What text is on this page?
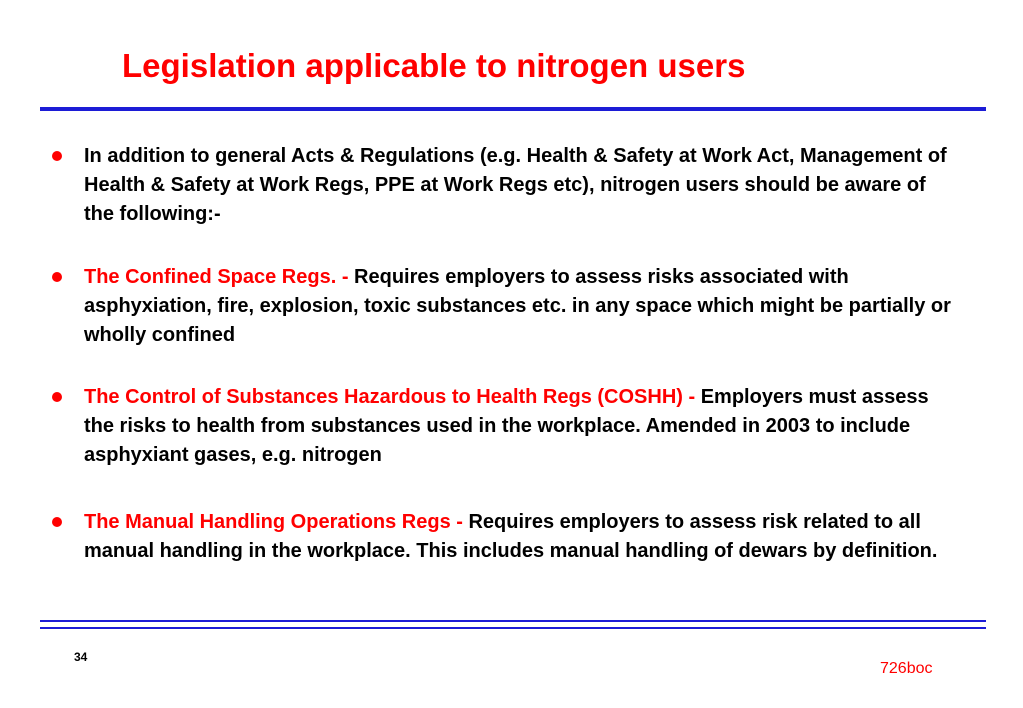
Legislation applicable to nitrogen users
In addition to general Acts & Regulations (e.g. Health & Safety at Work Act, Management of Health & Safety at Work Regs, PPE at Work Regs etc), nitrogen users should be aware of the following:-
The Confined Space Regs. - Requires employers to assess risks associated with asphyxiation, fire, explosion, toxic substances etc. in any space which might be partially or wholly confined
The Control of Substances Hazardous to Health Regs (COSHH) - Employers must assess the risks to health from substances used in the workplace. Amended in 2003 to include asphyxiant gases, e.g. nitrogen
The Manual Handling Operations Regs - Requires employers to assess risk related to all manual handling in the workplace. This includes manual handling of dewars by definition.
34
726boc
